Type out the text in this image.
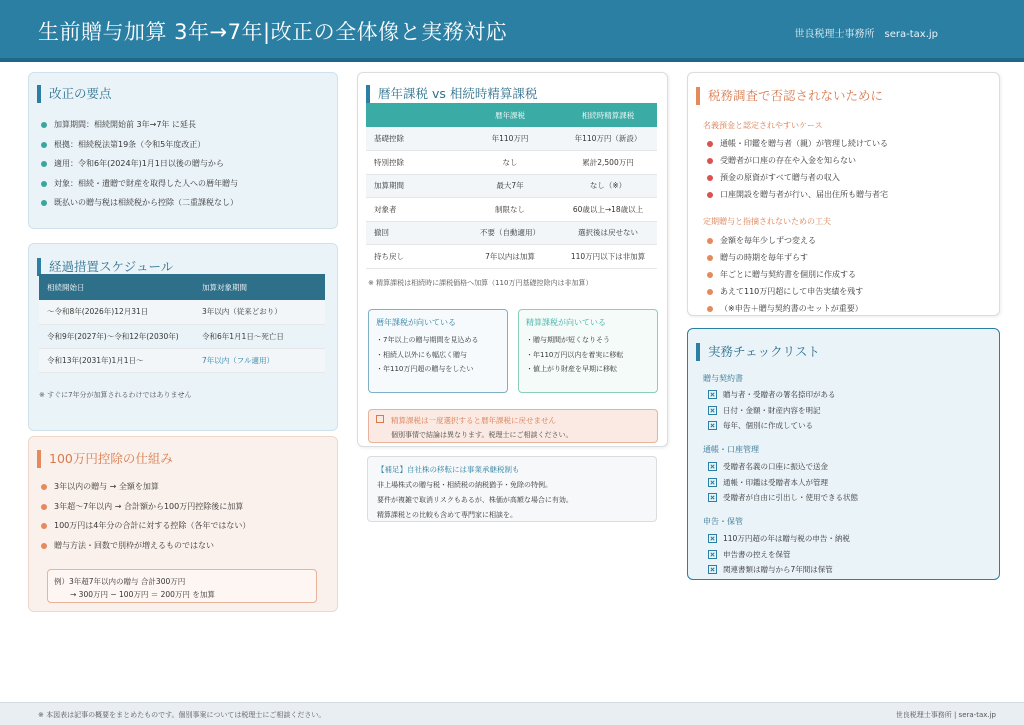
生前贈与加算 3年→7年|改正の全体像と実務対応	世良税理士事務所　sera-tax.jp
改正の要点
加算期間：相続開始前 3年→7年 に延長
根拠：相続税法第19条（令和5年度改正）
適用：令和6年(2024年)1月1日以後の贈与から
対象：相続・遺贈で財産を取得した人への暦年贈与
既払いの贈与税は相続税から控除（二重課税なし）
経過措置スケジュール
相続開始日	加算対象期間
〜令和8年(2026年)12月31日	3年以内（従来どおり）
令和9年(2027年)〜令和12年(2030年)	令和6年1月1日〜死亡日
令和13年(2031年)1月1日〜	7年以内（フル適用）
※ すぐに7年分が加算されるわけではありません
100万円控除の仕組み
3年以内の贈与 → 全額を加算
3年超〜7年以内 → 合計額から100万円控除後に加算
100万円は4年分の合計に対する控除（各年ではない）
贈与方法・回数で別枠が増えるものではない
例）3年超7年以内の贈与 合計300万円
→ 300万円 − 100万円 ＝ 200万円 を加算
暦年課税 vs 相続時精算課税
	暦年課税	相続時精算課税
基礎控除	年110万円	年110万円（新設）
特別控除	なし	累計2,500万円
加算期間	最大7年	なし（※）
対象者	制限なし	60歳以上→18歳以上
撤回	不要（自動適用）	選択後は戻せない
持ち戻し	7年以内は加算	110万円以下は非加算
※ 精算課税は相続時に課税価格へ加算（110万円基礎控除内は非加算）
暦年課税が向いている
・7年以上の贈与期間を見込める
・相続人以外にも幅広く贈与
・年110万円超の贈与をしたい
精算課税が向いている
・贈与期間が短くなりそう
・年110万円以内を着実に移転
・値上がり財産を早期に移転
精算課税は一度選択すると暦年課税に戻せません
個別事情で結論は異なります。税理士にご相談ください。
【補足】自社株の移転には事業承継税制も
非上場株式の贈与税・相続税の納税猶予・免除の特例。
要件が複雑で取消リスクもあるが、株価が高額な場合に有効。
精算課税との比較も含めて専門家に相談を。
税務調査で否認されないために
名義預金と認定されやすいケース
通帳・印鑑を贈与者（親）が管理し続けている
受贈者が口座の存在や入金を知らない
預金の原資がすべて贈与者の収入
口座開設を贈与者が行い、届出住所も贈与者宅
定期贈与と指摘されないための工夫
金額を毎年少しずつ変える
贈与の時期を毎年ずらす
年ごとに贈与契約書を個別に作成する
あえて110万円超にして申告実績を残す
（※申告＋贈与契約書のセットが重要）
実務チェックリスト
贈与契約書
贈与者・受贈者の署名捺印がある
日付・金額・財産内容を明記
毎年、個別に作成している
通帳・口座管理
受贈者名義の口座に振込で送金
通帳・印鑑は受贈者本人が管理
受贈者が自由に引出し・使用できる状態
申告・保管
110万円超の年は贈与税の申告・納税
申告書の控えを保管
関連書類は贈与から7年間は保管
※ 本図表は記事の概要をまとめたものです。個別事案については税理士にご相談ください。	世良税理士事務所 | sera-tax.jp
